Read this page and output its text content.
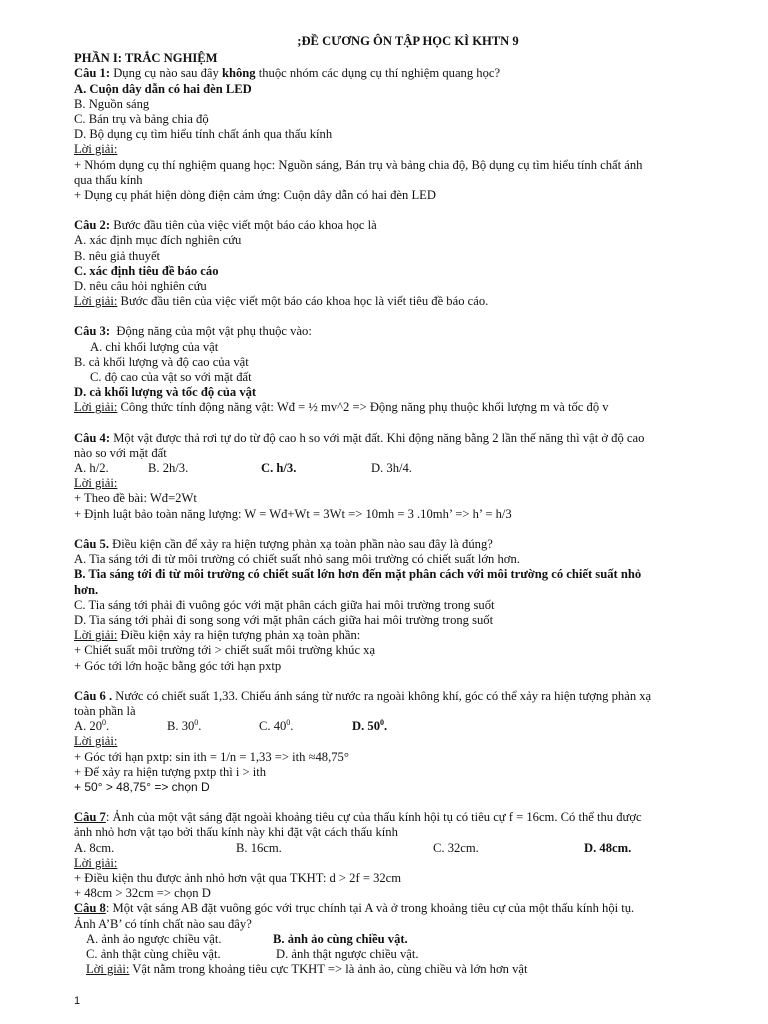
;ĐỀ CƯƠNG ÔN TẬP HỌC KÌ KHTN 9

PHẦN I: TRẮC NGHIỆM

Câu 1: Dụng cụ nào sau đây không thuộc nhóm các dụng cụ thí nghiệm quang học?

A. Cuộn dây dẫn có hai đèn LED

B. Nguồn sáng

C. Bán trụ và bảng chia độ

D. Bộ dụng cụ tìm hiểu tính chất ánh qua thấu kính

Lời giải:

+ Nhóm dụng cụ thí nghiệm quang học: Nguồn sáng, Bán trụ và bảng chia độ, Bộ dụng cụ tìm hiểu tính chất ánh

qua thấu kính

+ Dụng cụ phát hiện dòng điện cảm ứng: Cuộn dây dẫn có hai đèn LED

Câu 2: Bước đầu tiên của việc viết một báo cáo khoa học là

A. xác định mục đích nghiên cứu

B. nêu giả thuyết

C. xác định tiêu đề báo cáo

D. nêu câu hỏi nghiên cứu

Lời giải: Bước đầu tiên của việc viết một báo cáo khoa học là viết tiêu đề báo cáo.

Câu 3:  Động năng của một vật phụ thuộc vào:

A. chỉ khối lượng của vật

B. cả khối lượng và độ cao của vật

C. độ cao của vật so với mặt đất

D. cả khối lượng và tốc độ của vật

Lời giải: Công thức tính động năng vật: Wđ = ½ mv^2 => Động năng phụ thuộc khối lượng m và tốc độ v

Câu 4: Một vật được thả rơi tự do từ độ cao h so với mặt đất. Khi động năng bằng 2 lần thế năng thì vật ở độ cao

nào so với mặt đất

A. h/2.	B. 2h/3.	C. h/3.	D. 3h/4.

Lời giải:

+ Theo đề bài: Wđ=2Wt

+ Định luật bảo toàn năng lượng: W = Wđ+Wt = 3Wt => 10mh = 3 .10mh’ => h’ = h/3

Câu 5. Điều kiện cần để xảy ra hiện tượng phản xạ toàn phần nào sau đây là đúng?

A. Tia sáng tới đi từ môi trường có chiết suất nhỏ sang môi trường có chiết suất lớn hơn.

B. Tia sáng tới đi từ môi trường có chiết suất lớn hơn đến mặt phân cách với môi trường có chiết suất nhỏ

hơn.

C. Tia sáng tới phải đi vuông góc với mặt phân cách giữa hai môi trường trong suốt

D. Tia sáng tới phải đi song song với mặt phân cách giữa hai môi trường trong suốt

Lời giải: Điều kiện xảy ra hiện tượng phản xạ toàn phần:

+ Chiết suất môi trường tới > chiết suất môi trường khúc xạ

+ Góc tới lớn hoặc bằng góc tới hạn pxtp

Câu 6 . Nước có chiết suất 1,33. Chiếu ánh sáng từ nước ra ngoài không khí, góc có thể xảy ra hiện tượng phản xạ

toàn phần là

A. $20^0$.	B. $30^0$.	C. $40^0$.	D. $50^0$.

Lời giải:

+ Góc tới hạn pxtp: sin ith = 1/n = 1,33 => ith ≈48,75°

+ Để xảy ra hiện tượng pxtp thì i > ith

+ 50° > 48,75° => chọn D

Câu 7: Ảnh của một vật sáng đặt ngoài khoảng tiêu cự của thấu kính hội tụ có tiêu cự f = 16cm. Có thể thu được

ảnh nhỏ hơn vật tạo bởi thấu kính này khi đặt vật cách thấu kính

A. 8cm.	B. 16cm.	C. 32cm.	D. 48cm.

Lời giải:

+ Điều kiện thu được ảnh nhỏ hơn vật qua TKHT: d > 2f = 32cm

+ 48cm > 32cm => chọn D

Câu 8: Một vật sáng AB đặt vuông góc với trục chính tại A và ở trong khoảng tiêu cự của một thấu kính hội tụ.

Ảnh A’B’ có tính chất nào sau đây?

A. ảnh ảo ngược chiều vật.	B. ảnh ảo cùng chiều vật.
C. ảnh thật cùng chiều vật.	D. ảnh thật ngược chiều vật.

Lời giải: Vật nằm trong khoảng tiêu cực TKHT => là ảnh ảo, cùng chiều và lớn hơn vật

1
